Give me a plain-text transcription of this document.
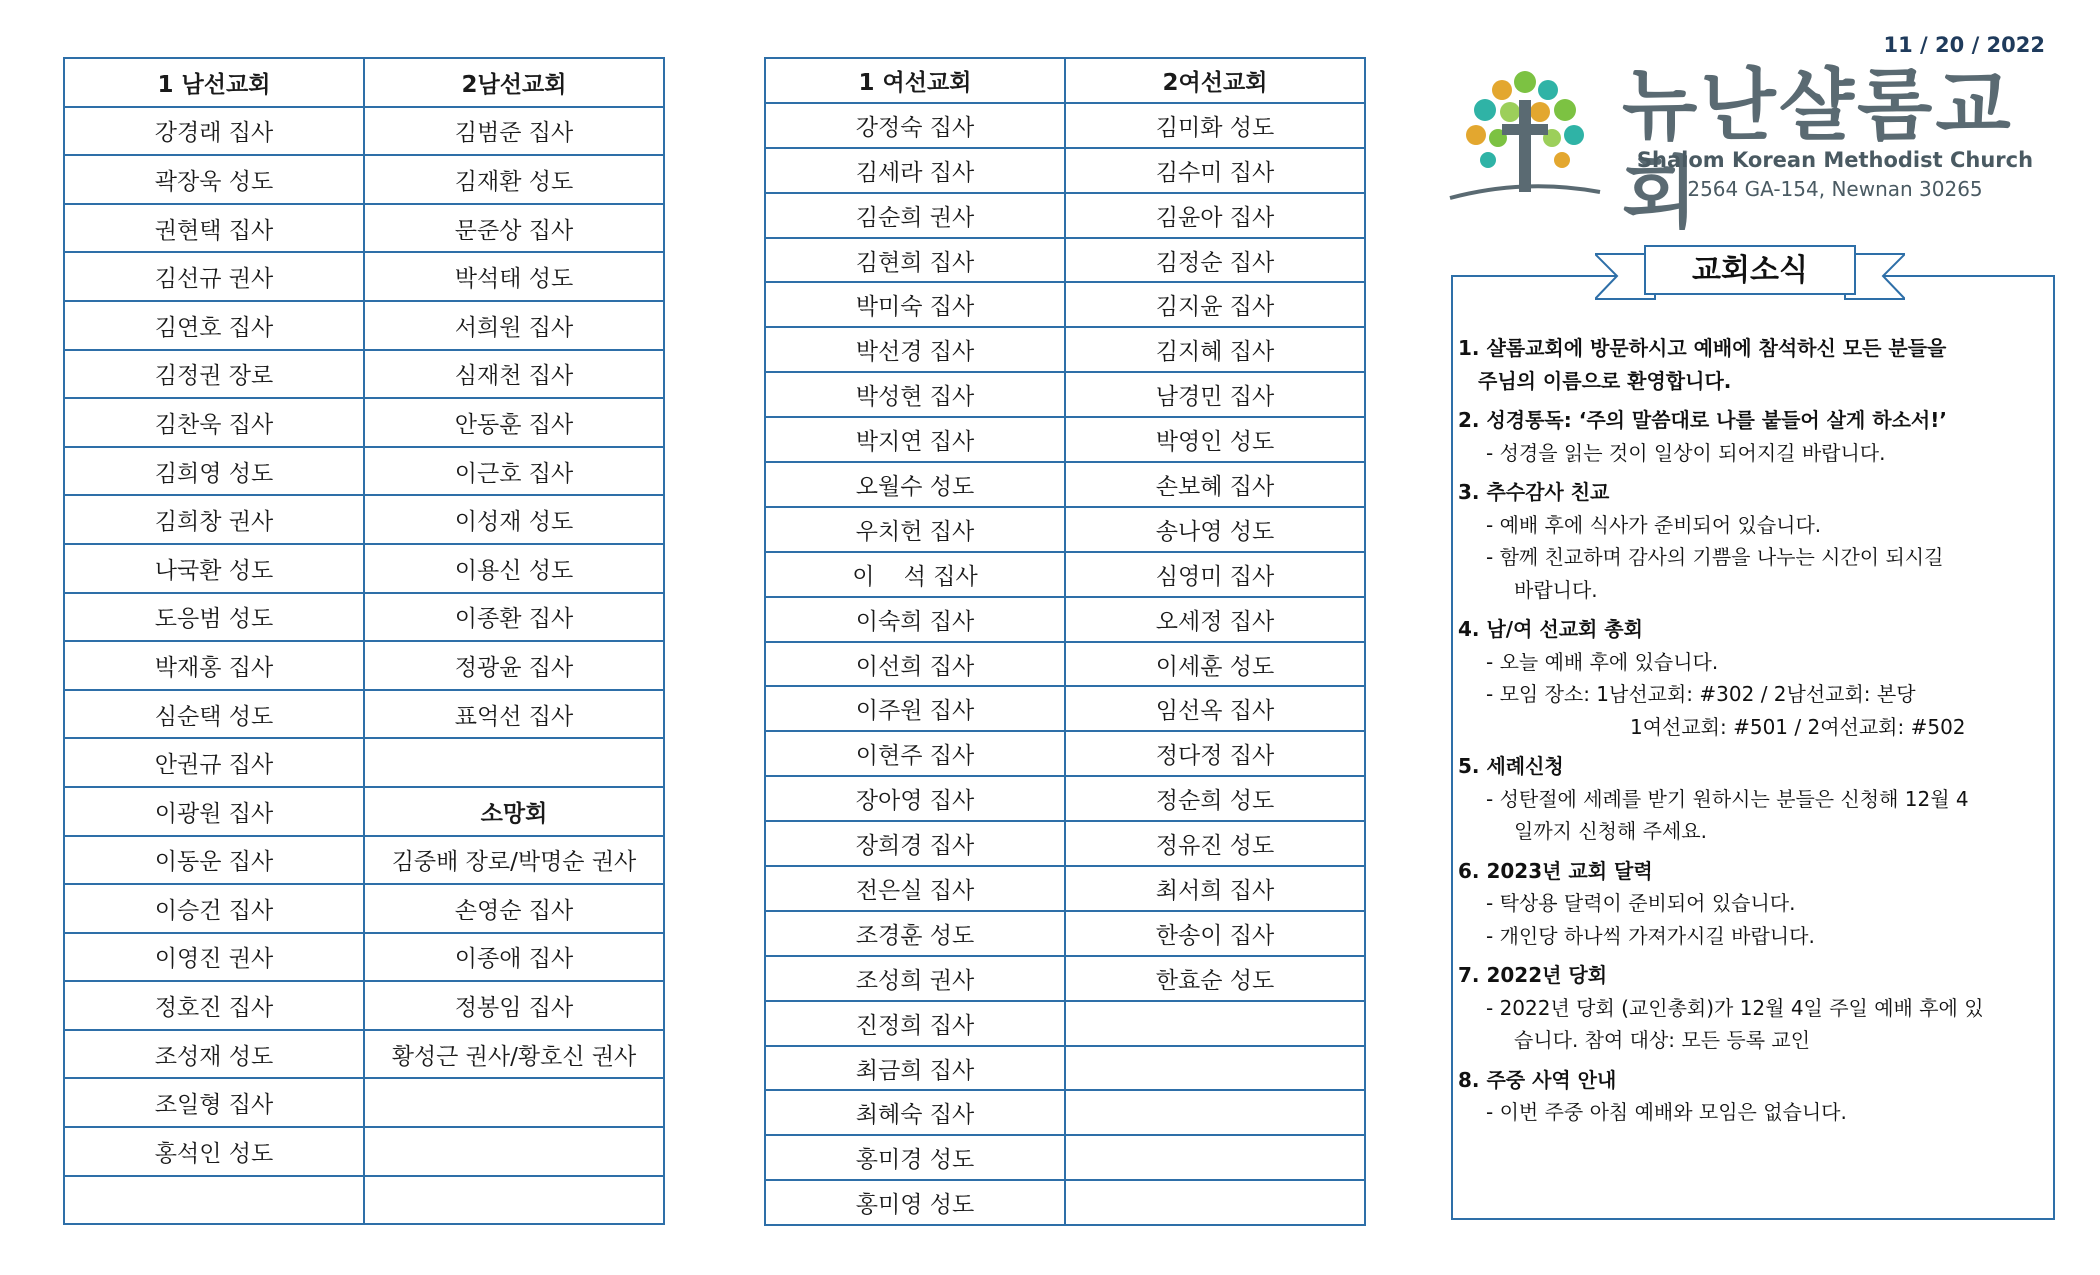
1 남선교회	2남선교회
강경래 집사	김범준 집사
곽장욱 성도	김재환 성도
권현택 집사	문준상 집사
김선규 권사	박석태 성도
김연호 집사	서희원 집사
김정권 장로	심재천 집사
김찬욱 집사	안동훈 집사
김희영 성도	이근호 집사
김희창 권사	이성재 성도
나국환 성도	이용신 성도
도응범 성도	이종환 집사
박재홍 집사	정광윤 집사
심순택 성도	표억선 집사
안권규 집사	
이광원 집사	소망회
이동운 집사	김중배 장로/박명순 권사
이승건 집사	손영순 집사
이영진 권사	이종애 집사
정호진 집사	정봉임 집사
조성재 성도	황성근 권사/황호신 권사
조일형 집사	
홍석인 성도	

1 여선교회	2여선교회
강정숙 집사	김미화 성도
김세라 집사	김수미 집사
김순희 권사	김윤아 집사
김현희 집사	김정순 집사
박미숙 집사	김지윤 집사
박선경 집사	김지혜 집사
박성현 집사	남경민 집사
박지연 집사	박영인 성도
오월수 성도	손보혜 집사
우치헌 집사	송나영 성도
이    석 집사	심영미 집사
이숙희 집사	오세정 집사
이선희 집사	이세훈 성도
이주원 집사	임선옥 집사
이현주 집사	정다정 집사
장아영 집사	정순희 성도
장희경 집사	정유진 성도
전은실 집사	최서희 집사
조경훈 성도	한송이 집사
조성희 권사	한효순 성도
진정희 집사	
최금희 집사	
최혜숙 집사	
홍미경 성도	
홍미영 성도	
11 / 20 / 2022
뉴난샬롬교회
Shalom Korean Methodist Church
2564 GA-154, Newnan 30265
교회소식
1. 샬롬교회에 방문하시고 예배에 참석하신 모든 분들을
주님의 이름으로 환영합니다.
2. 성경통독: ‘주의 말씀대로 나를 붙들어 살게 하소서!’
- 성경을 읽는 것이 일상이 되어지길 바랍니다.
3. 추수감사 친교
- 예배 후에 식사가 준비되어 있습니다.
- 함께 친교하며 감사의 기쁨을 나누는 시간이 되시길
바랍니다.
4. 남/여 선교회 총회
- 오늘 예배 후에 있습니다.
- 모임 장소: 1남선교회: #302 / 2남선교회: 본당
1여선교회: #501 / 2여선교회: #502
5. 세례신청
- 성탄절에 세례를 받기 원하시는 분들은 신청해 12월 4
일까지 신청해 주세요.
6. 2023년 교회 달력
- 탁상용 달력이 준비되어 있습니다.
- 개인당 하나씩 가져가시길 바랍니다.
7. 2022년 당회
- 2022년 당회 (교인총회)가 12월 4일 주일 예배 후에 있
습니다. 참여 대상: 모든 등록 교인
8. 주중 사역 안내
- 이번 주중 아침 예배와 모임은 없습니다.
